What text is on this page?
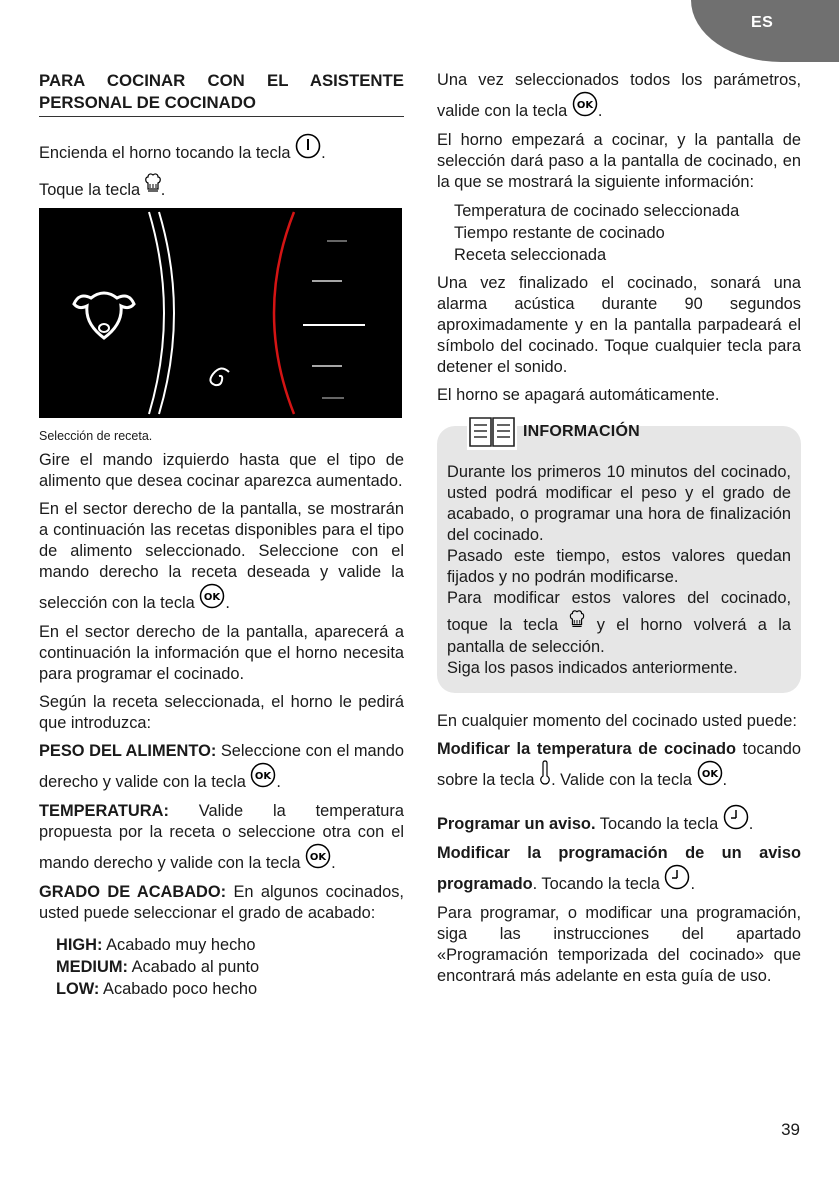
ES
PARA COCINAR CON EL ASISTENTE
PERSONAL DE COCINADO

Encienda el horno tocando la tecla .

Toque la tecla .

Selección de receta.

Gire el mando izquierdo hasta que el tipo de alimento que desea cocinar aparezca aumentado.

En el sector derecho de la pantalla, se mostrarán a continuación las recetas disponibles para el tipo de alimento seleccionado. Seleccione con el mando derecho la receta deseada y valide la selección con la tecla OK .

En el sector derecho de la pantalla, aparecerá a continuación la información que el horno necesita para programar el cocinado.

Según la receta seleccionada, el horno le pedirá que introduzca:

PESO DEL ALIMENTO: Seleccione con el mando derecho y valide con la tecla OK .

TEMPERATURA: Valide la temperatura propuesta por la receta o seleccione otra con el mando derecho y valide con la tecla OK .

GRADO DE ACABADO: En algunos cocinados, usted puede seleccionar el grado de acabado:

HIGH: Acabado muy hecho

MEDIUM: Acabado al punto

LOW: Acabado poco hecho

Una vez seleccionados todos los parámetros, valide con la tecla OK .

El horno empezará a cocinar, y la pantalla de selección dará paso a la pantalla de cocinado, en la que se mostrará la siguiente información:

Temperatura de cocinado seleccionada

Tiempo restante de cocinado

Receta seleccionada

Una vez finalizado el cocinado, sonará una alarma acústica durante 90 segundos aproximadamente y en la pantalla parpadeará el símbolo del cocinado. Toque cualquier tecla para detener el sonido.

El horno se apagará automáticamente.

INFORMACIÓN

Durante los primeros 10 minutos del cocinado, usted podrá modificar el peso y el grado de acabado, o programar una hora de finalización del cocinado.

Pasado este tiempo, estos valores quedan fijados y no podrán modificarse.

Para modificar estos valores del cocinado, toque la tecla  y el horno volverá a la pantalla de selección.

Siga los pasos indicados anteriormente.

En cualquier momento del cocinado usted puede:

Modificar la temperatura de cocinado tocando sobre la tecla . Valide con la tecla OK .

Programar un aviso. Tocando la tecla .

Modificar la programación de un aviso programado. Tocando la tecla .

Para programar, o modificar una programación, siga las instrucciones del apartado «Programación temporizada del cocinado» que encontrará más adelante en esta guía de uso.

39
